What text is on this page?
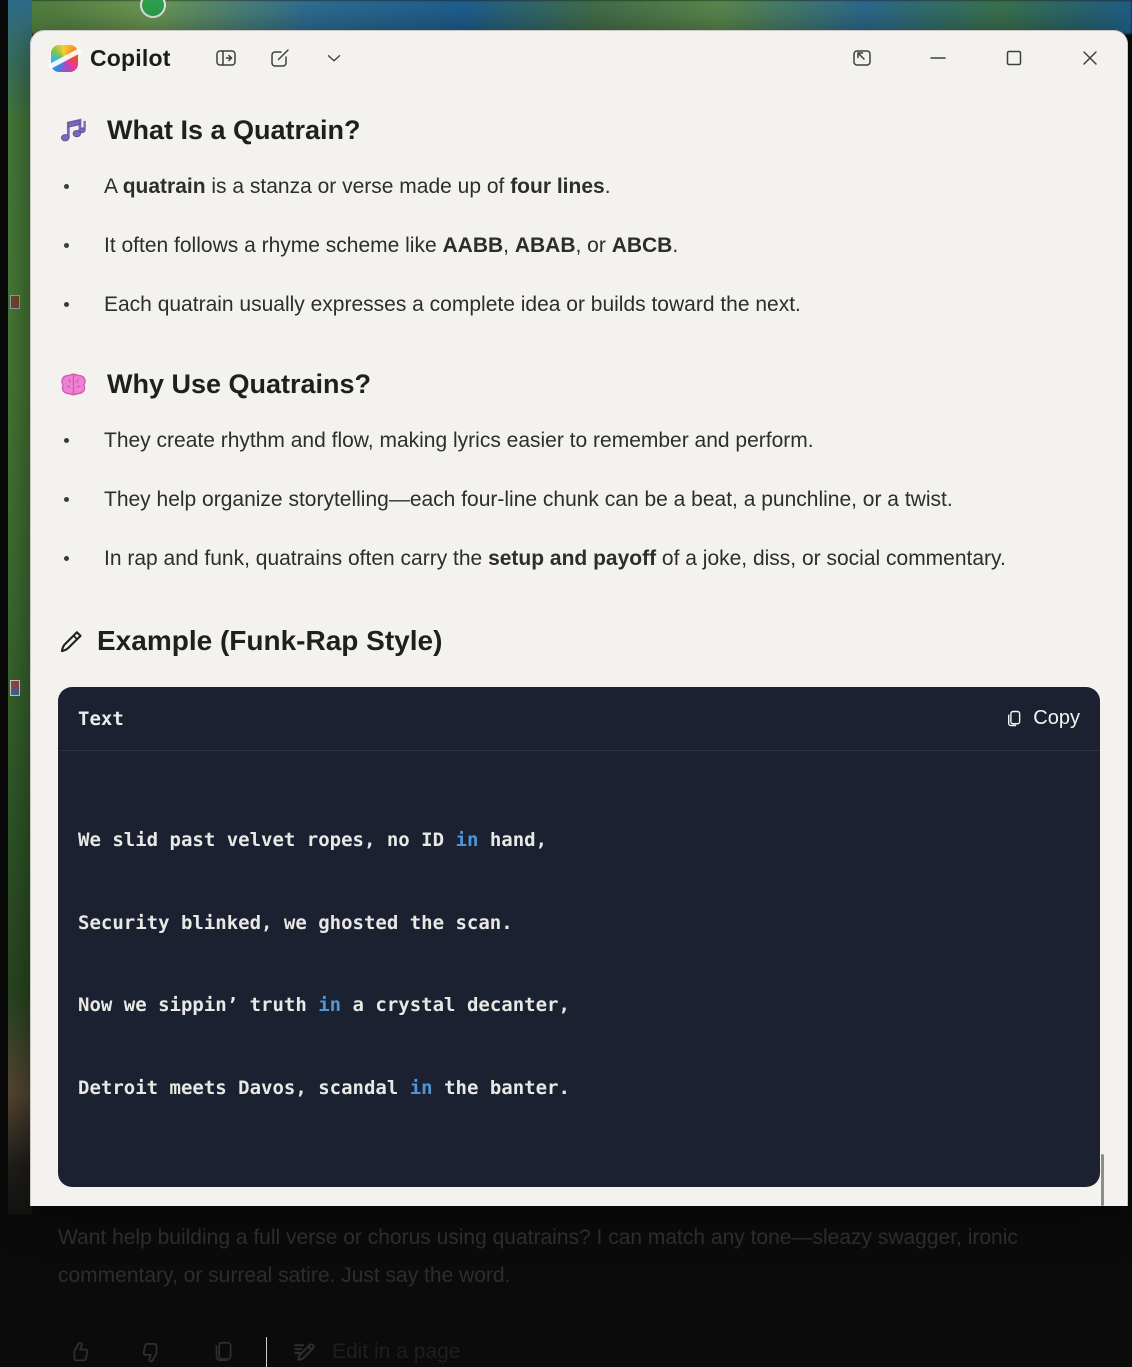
Copilot
What Is a Quatrain?
A quatrain is a stanza or verse made up of four lines.
It often follows a rhyme scheme like AABB, ABAB, or ABCB.
Each quatrain usually expresses a complete idea or builds toward the next.
Why Use Quatrains?
They create rhythm and flow, making lyrics easier to remember and perform.
They help organize storytelling—each four-line chunk can be a beat, a punchline, or a twist.
In rap and funk, quatrains often carry the setup and payoff of a joke, diss, or social commentary.
Example (Funk-Rap Style)
Text	Copy

We slid past velvet ropes, no ID in hand,

Security blinked, we ghosted the scan.

Now we sippin’ truth in a crystal decanter,

Detroit meets Davos, scandal in the banter.

Want help building a full verse or chorus using quatrains? I can match any tone—sleazy swagger, ironic commentary, or surreal satire. Just say the word.

Edit in a page
